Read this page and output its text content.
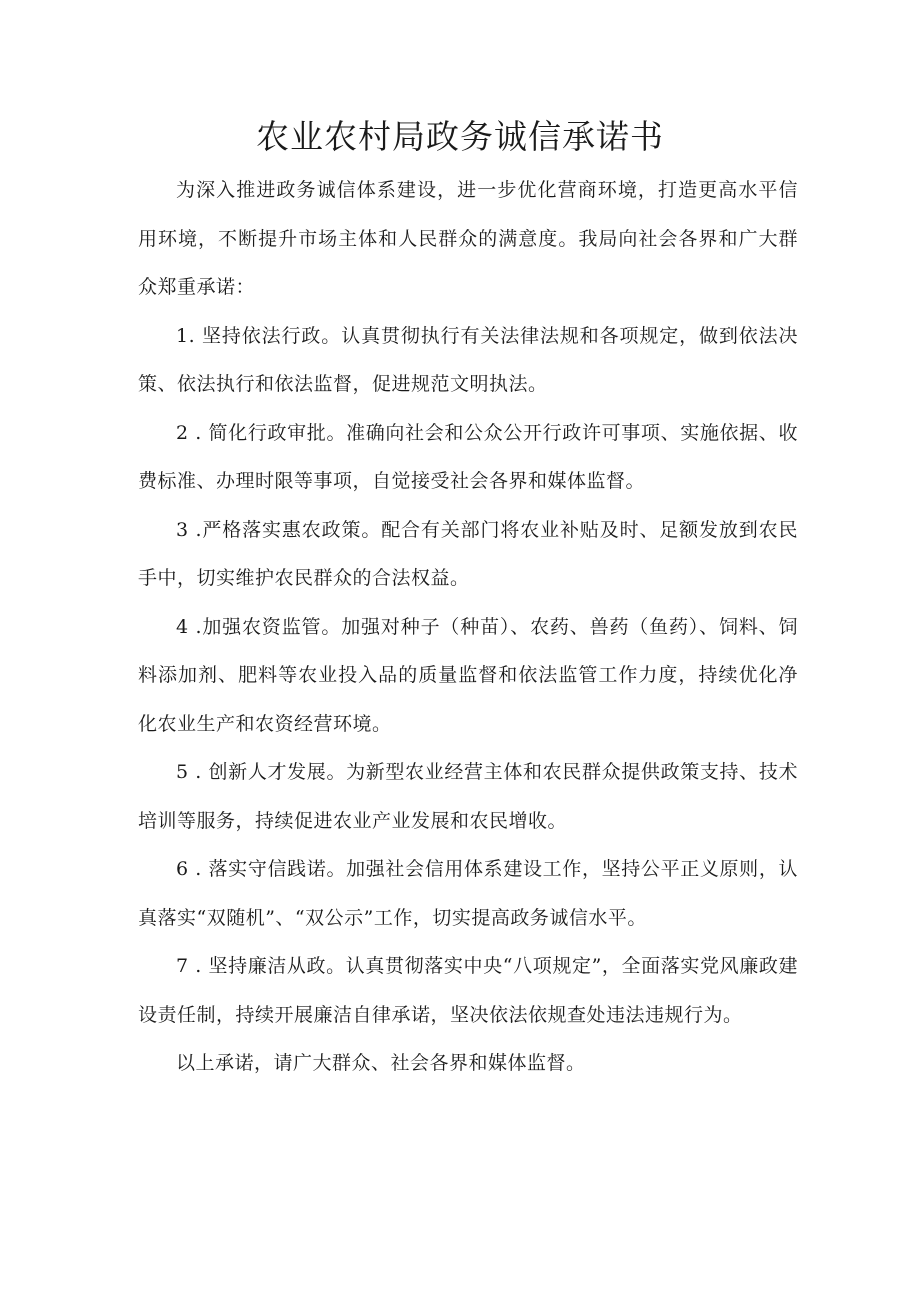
农业农村局政务诚信承诺书

为深入推进政务诚信体系建设，进一步优化营商环境，打造更高水平信用环境，不断提升市场主体和人民群众的满意度。我局向社会各界和广大群众郑重承诺：

1. 坚持依法行政。认真贯彻执行有关法律法规和各项规定，做到依法决策、依法执行和依法监督，促进规范文明执法。

2 . 简化行政审批。准确向社会和公众公开行政许可事项、实施依据、收费标准、办理时限等事项，自觉接受社会各界和媒体监督。

3 .严格落实惠农政策。配合有关部门将农业补贴及时、足额发放到农民手中，切实维护农民群众的合法权益。

4 .加强农资监管。加强对种子（种苗）、农药、兽药（鱼药）、饲料、饲料添加剂、肥料等农业投入品的质量监督和依法监管工作力度，持续优化净化农业生产和农资经营环境。

5 . 创新人才发展。为新型农业经营主体和农民群众提供政策支持、技术培训等服务，持续促进农业产业发展和农民增收。

6 . 落实守信践诺。加强社会信用体系建设工作，坚持公平正义原则，认真落实“双随机”、“双公示”工作，切实提高政务诚信水平。

7 . 坚持廉洁从政。认真贯彻落实中央“八项规定”，全面落实党风廉政建设责任制，持续开展廉洁自律承诺，坚决依法依规查处违法违规行为。

以上承诺，请广大群众、社会各界和媒体监督。
